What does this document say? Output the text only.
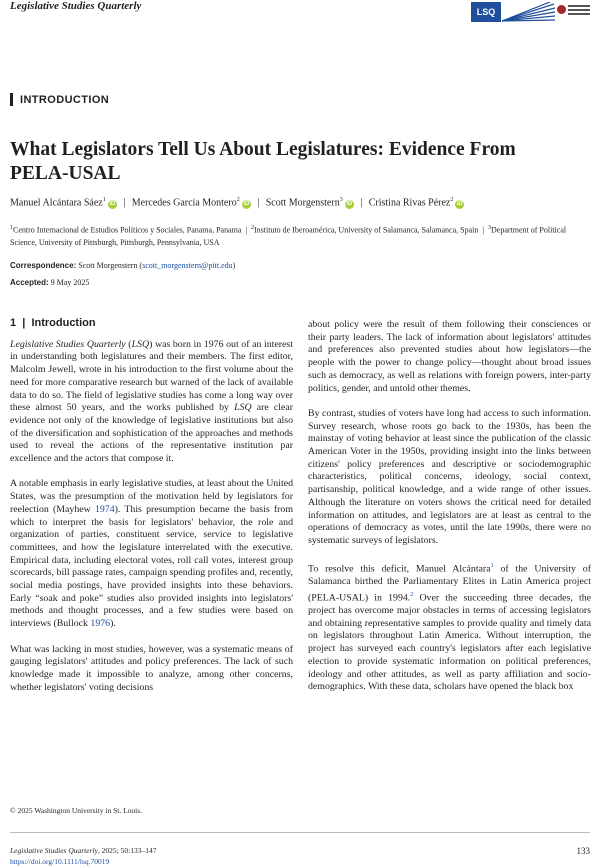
Legislative Studies Quarterly	LSQ
INTRODUCTION
What Legislators Tell Us About Legislatures: Evidence From PELA-USAL
Manuel Alcántara Sáez$^1$iD | Mercedes García Montero$^2$iD | Scott Morgenstern$^3$iD | Cristina Rivas Pérez$^2$iD
$^1$Centro Internacional de Estudios Políticos y Sociales, Panama, Panama  |  $^2$Instituto de Iberoamérica, University of Salamanca, Salamanca, Spain  |  $^3$Department of Political Science, University of Pittsburgh, Pittsburgh, Pennsylvania, USA
Correspondence: Scott Morgenstern (scott_morgenstern@pitt.edu)
Accepted: 9 May 2025
1  |  Introduction

Legislative Studies Quarterly (LSQ) was born in 1976 out of an interest in understanding both legislatures and their members. The first editor, Malcolm Jewell, wrote in his introduction to the first volume about the need for more comparative research but warned of the lack of available data to do so. The field of legislative studies has come a long way over these almost 50 years, and the works published by LSQ are clear evidence not only of the knowledge of legislative institutions but also of the diversification and sophistication of the approaches and methods used to reveal the actions of the representative institution par excellence and the actors that compose it.

A notable emphasis in early legislative studies, at least about the United States, was the presumption of the motivation held by legislators for reelection (Mayhew 1974). This presumption became the basis from which to interpret the basis for legislators' behavior, the role and organization of parties, constituent service, service to legislative committees, and how the legislature interrelated with the executive. Empirical data, including electoral votes, roll call votes, interest group scorecards, bill passage rates, campaign spending profiles and, recently, social media postings, have provided insights into these behaviors. Early “soak and poke” studies also provided insights into legislators' methods and thought processes, and a few studies were based on interviews (Bullock 1976).

What was lacking in most studies, however, was a systematic means of gauging legislators' attitudes and policy preferences. The lack of such knowledge made it impossible to analyze, among other concerns, whether legislators' voting decisions

about policy were the result of them following their consciences or their party leaders. The lack of information about legislators' attitudes and preferences also prevented studies about how legislators—the people with the power to change policy—thought about broad issues such as democracy, as well as relations with foreign powers, inter-party politics, gender, and untold other themes.

By contrast, studies of voters have long had access to such information. Survey research, whose roots go back to the 1930s, has been the mainstay of voting behavior at least since the publication of the classic American Voter in the 1950s, providing insight into the links between citizens' policy preferences and descriptive or sociodemographic characteristics, political concerns, ideology, social context, partisanship, political knowledge, and a wide range of other issues. Although the literature on voters shows the critical need for detailed information on attitudes, and legislators are at least as central to the operations of democracy as votes, until the late 1990s, there were no systematic surveys of legislators.

To resolve this deficit, Manuel Alcántara$^1$ of the University of Salamanca birthed the Parliamentary Elites in Latin America project (PELA-USAL) in 1994.$^2$ Over the succeeding three decades, the project has overcome major obstacles in terms of accessing legislators and obtaining representative samples to provide quality and timely data on legislators throughout Latin America. Without interruption, the project has surveyed each country's legislators after each legislative election to provide systematic information on political preferences, ideology and other attitudes, as well as party affiliation and socio-demographics. With these data, scholars have opened the black box

© 2025 Washington University in St. Louis.
Legislative Studies Quarterly, 2025; 50:133–147
https://doi.org/10.1111/lsq.70019
133
